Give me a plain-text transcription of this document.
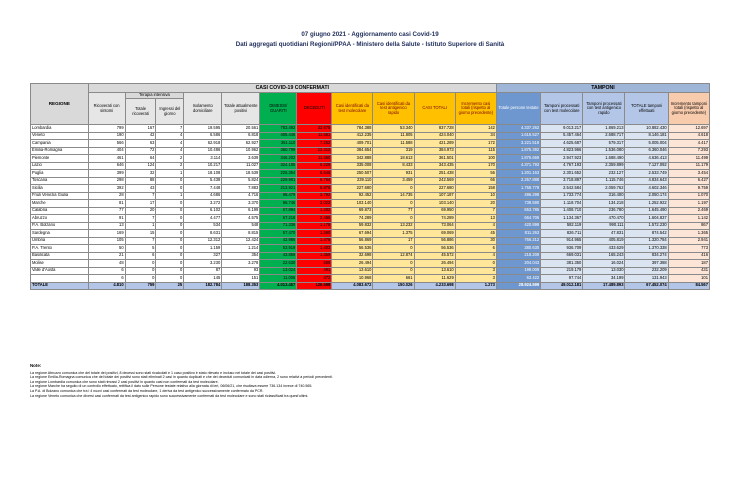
07 giugno 2021 - Aggiornamento casi Covid-19
Dati aggregati quotidiani Regioni/PPAA - Ministero della Salute - Istituto Superiore di Sanità
REGIONE	CASI COVID-19 CONFERMATI											TAMPONI				
	Ricoverati con sintomi	Terapia intensiva		Isolamento domiciliare	Totale attualmente positivi	DIMESSI/ GUARITI	DECEDUTI	Casi identificati da test molecolare	Casi identificati da test antigenico rapido	CASI TOTALI	Incremento casi totali (rispetto al giorno precedente)	Totale persone testate	Tamponi processati con test molecolare	Tamponi processati con test antigenico rapido	TOTALE tamponi effettuati	Incremento tamponi totali (rispetto al giorno precedente)
		Totale ricoverati	Ingressi del giorno													
Lombardia	799	167	7	19.595	20.561	783.492	33.675	784.388	53.340	837.728	142	4.337.262	9.013.217	1.869.213	10.882.430	12.697
Veneto	190	42	4	6.586	6.818	405.446	11.581	412.235	11.805	424.040	34	1.616.527	5.457.464	2.688.717	8.146.181	4.618
Campania	566	63	4	62.918	62.927	351.110	7.252	409.701	11.588	421.289	172	3.221.518	4.625.687	579.317	5.005.004	4.417
Emilia-Romagna	404	72	4	10.486	10.962	360.799	13.212	384.654	319	384.973	115	1.875.392	4.823.966	1.536.080	6.360.046	7.293
Piemonte	461	64	2	3.114	3.639	346.202	11.660	342.888	18.613	361.501	100	1.876.669	2.947.923	1.688.490	4.636.413	11.499
Lazio	646	124	2	10.217	11.027	324.185	8.229	335.008	8.433	343.435	170	4.371.793	4.767.193	2.359.899	7.127.092	11.179
Puglia	399	32	1	18.108	18.539	226.354	6.545	250.507	931	251.438	56	1.201.163	2.301.652	232.127	2.533.749	3.454
Toscana	298	88	0	5.438	5.824	229.981	6.764	239.110	3.459	242.569	66	2.257.888	3.718.897	1.115.746	4.834.643	6.427
Sicilia	392	43	0	7.448	7.883	213.921	5.876	227.680	0	227.680	158	1.758.779	2.542.584	2.059.762	4.602.346	9.759
Friuli Venezia Giulia	28	7	1	4.686	4.716	98.479	3.792	92.452	14.735	107.187	10	496.298	1.733.774	316.400	2.050.174	1.070
Marche	81	17	0	3.272	3.370	96.746	3.022	103.140	0	103.140	20	738.590	1.118.704	134.218	1.252.922	1.197
Calabria	77	20	0	6.102	6.199	67.894	1.202	69.873	77	69.950	7	653.785	1.408.710	236.780	1.645.490	2.469
Abruzzo	91	7	0	4.477	4.575	67.218	2.496	74.289	0	74.289	13	664.706	1.134.367	470.470	1.604.837	1.142
P.A. Bolzano	13	1	0	534	548	71.336	1.178	59.832	13.232	73.064	4	420.899	582.119	990.111	1.572.230	867
Sardegna	169	15	0	8.631	8.815	57.470	1.590	67.694	1.375	69.069	45	811.263	826.711	47.831	874.542	1.365
Umbria	105	7	0	12.312	12.424	42.986	1.476	56.869	17	56.886	30	766.212	914.965	405.819	1.320.784	2.941
P.A. Trento	50	5	0	1.159	1.214	53.919	1.403	56.536	0	56.536	6	380.630	936.709	433.629	1.370.338	773
Basilicata	21	6	0	327	354	43.859	1.359	32.698	12.874	45.572	4	218.209	669.031	165.243	834.274	416
Molise	48	0	0	3.230	3.278	22.630	585	26.494	0	26.494	0	204.043	381.350	16.024	397.388	187
Valle d'Aosta	6	0	0	87	93	13.024	491	13.610	0	13.610	3	198.009	219.179	13.030	232.209	431
	6	0	0	145	151	11.006	472	10.968	661	11.629	3	63.422	97.744	34.199	131.943	101
TOTALE	4.810	759	25	182.784	188.353	4.013.457	126.588	4.083.672	150.026	4.233.698	1.273	28.924.599	49.012.181	17.489.893	67.452.074	84.567
Note:
La regione Abruzzo comunica che del totale dei positivi, 8 decessi sono stati ricalcolati e 1 caso positivo è stato rilevato e incluso nel totale dei casi positivi.
La regione Emilia-Romagna comunica che del totale dei positivi sono stati eliminati 2 casi in quanto duplicati e che dei deceduti comunicati in data odierna, 2 sono relativi a periodi precedenti.
La regione Lombardia comunica che sono stati rimossi 2 casi positivi in quanto casi non confermati da test molecolare.
La regione Marche ha seguito di un controllo effettuato, rettifica il dato sulle Persone testate relativo alla giornata di ieri, 06/06/21, che risultava essere 736.134 invece di 740.565.
La P.A. di Bolzano comunica che tra i 4 nuovi casi confermati da test molecolare, 1 deriva da test antigenico successivamente confermato da PCR.
La regione Veneto comunica che diversi casi confermati da test antigenico rapido sono successivamente confermati da test molecolare e sono stati riclassificati tra quest'ultimi.
